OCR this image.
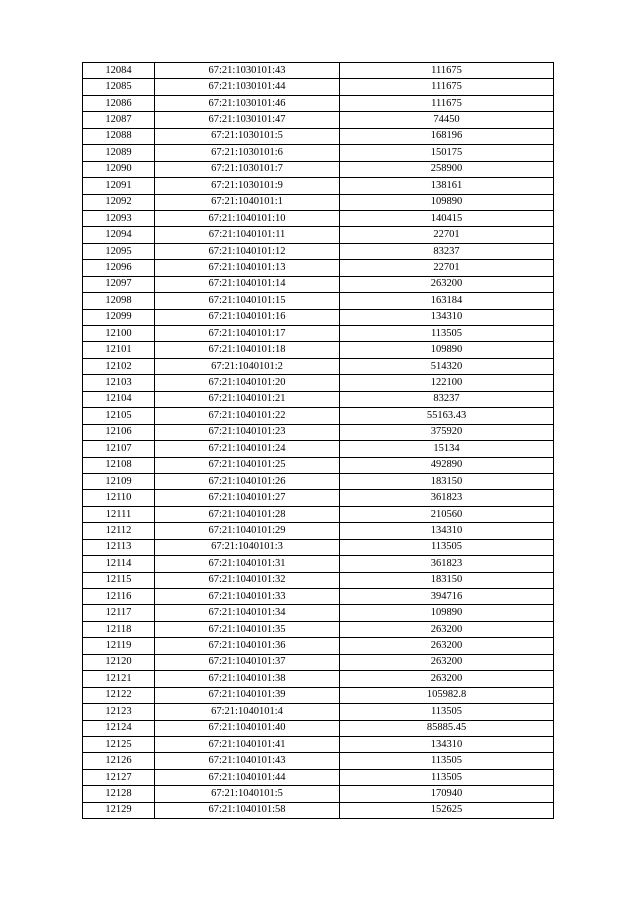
12084	67:21:1030101:43	111675
12085	67:21:1030101:44	111675
12086	67:21:1030101:46	111675
12087	67:21:1030101:47	74450
12088	67:21:1030101:5	168196
12089	67:21:1030101:6	150175
12090	67:21:1030101:7	258900
12091	67:21:1030101:9	138161
12092	67:21:1040101:1	109890
12093	67:21:1040101:10	140415
12094	67:21:1040101:11	22701
12095	67:21:1040101:12	83237
12096	67:21:1040101:13	22701
12097	67:21:1040101:14	263200
12098	67:21:1040101:15	163184
12099	67:21:1040101:16	134310
12100	67:21:1040101:17	113505
12101	67:21:1040101:18	109890
12102	67:21:1040101:2	514320
12103	67:21:1040101:20	122100
12104	67:21:1040101:21	83237
12105	67:21:1040101:22	55163.43
12106	67:21:1040101:23	375920
12107	67:21:1040101:24	15134
12108	67:21:1040101:25	492890
12109	67:21:1040101:26	183150
12110	67:21:1040101:27	361823
12111	67:21:1040101:28	210560
12112	67:21:1040101:29	134310
12113	67:21:1040101:3	113505
12114	67:21:1040101:31	361823
12115	67:21:1040101:32	183150
12116	67:21:1040101:33	394716
12117	67:21:1040101:34	109890
12118	67:21:1040101:35	263200
12119	67:21:1040101:36	263200
12120	67:21:1040101:37	263200
12121	67:21:1040101:38	263200
12122	67:21:1040101:39	105982.8
12123	67:21:1040101:4	113505
12124	67:21:1040101:40	85885.45
12125	67:21:1040101:41	134310
12126	67:21:1040101:43	113505
12127	67:21:1040101:44	113505
12128	67:21:1040101:5	170940
12129	67:21:1040101:58	152625
